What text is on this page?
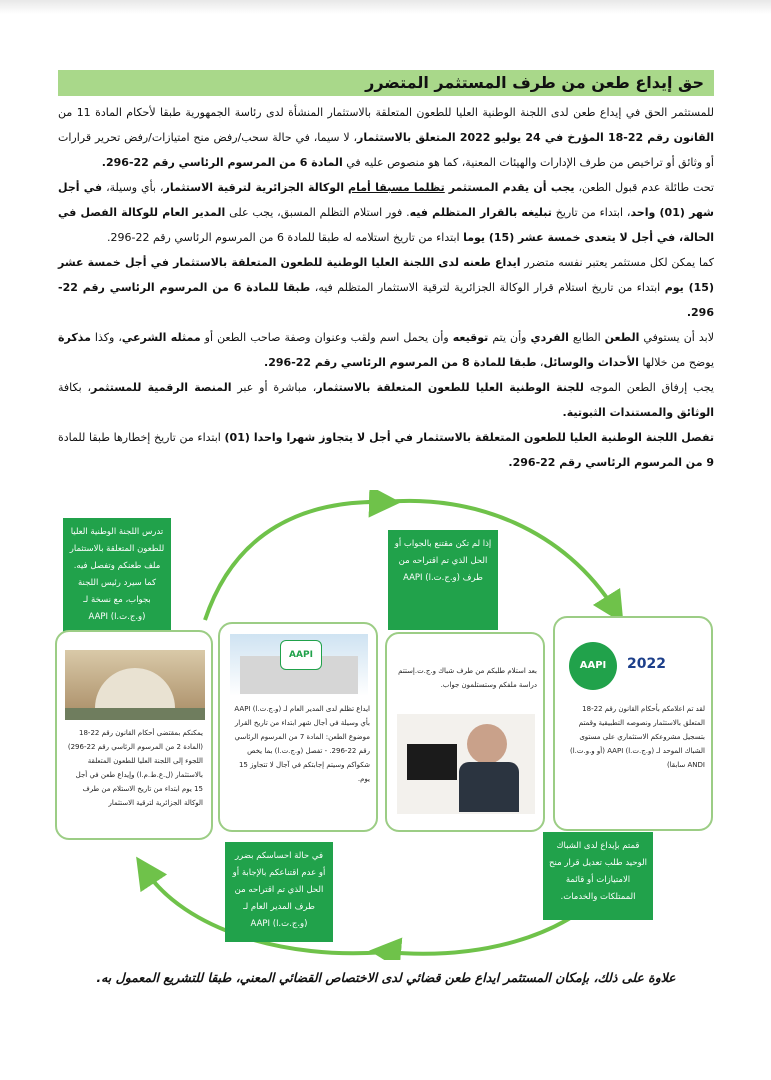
حق إيداع طعن من طرف المستثمر المتضرر

للمستثمر الحق في إيداع طعن لدى اللجنة الوطنية العليا للطعون المتعلقة بالاستثمار المنشأة لدى رئاسة الجمهورية طبقا لأحكام المادة 11 من القانون رقم 22-18 المؤرخ في 24 يوليو 2022 المتعلق بالاستثمار، لا سيما، في حالة سحب/رفض منح امتيازات/رفض تحرير قرارات أو وثائق أو تراخيص من طرف الإدارات والهيئات المعنية، كما هو منصوص عليه في المادة 6 من المرسوم الرئاسي رقم 22-296.

تحت طائلة عدم قبول الطعن، يجب أن يقدم المستثمر تظلما مسبقا أمام الوكالة الجزائرية لترقية الاستثمار، بأي وسيلة، في أجل شهر (01) واحد، ابتداء من تاريخ تبليغه بالقرار المتظلم فيه. فور استلام التظلم المسبق، يجب على المدير العام للوكالة الفصل في الحالة، في أجل لا يتعدى خمسة عشر (15) يوما ابتداء من تاريخ استلامه له طبقا للمادة 6 من المرسوم الرئاسي رقم 22-296.

كما يمكن لكل مستثمر يعتبر نفسه متضرر ايداع طعنه لدى اللجنة العليا الوطنية للطعون المتعلقة بالاستثمار في أجل خمسة عشر (15) يوم ابتداء من تاريخ استلام قرار الوكالة الجزائرية لترقية الاستثمار المتظلم فيه، طبقا للمادة 6 من المرسوم الرئاسي رقم 22-296.

لابد أن يستوفي الطعن الطابع الفردي وأن يتم توقيعه وأن يحمل اسم ولقب وعنوان وصفة صاحب الطعن أو ممثله الشرعي، وكذا مذكرة يوضح من خلالها الأحداث والوسائل، طبقا للمادة 8 من المرسوم الرئاسي رقم 22-296.

يجب إرفاق الطعن الموجه للجنة الوطنية العليا للطعون المتعلقة بالاستثمار، مباشرة أو عبر المنصة الرقمية للمستثمر، بكافة الوثائق والمستندات الثبوتية.

تفصل اللجنة الوطنية العليا للطعون المتعلقة بالاستثمار في أجل لا يتجاوز شهرا واحدا (01) ابتداء من تاريخ إخطارها طبقا للمادة 9 من المرسوم الرئاسي رقم 22-296.

تدرس اللجنة الوطنية العليا للطعون المتعلقة بالاستثمار ملف طعنكم وتفصل فيه. كما سيرد رئيس اللجنة بجواب، مع نسخة لـ (و.ج.ت.ا) AAPI
إذا لم تكن مقتنع بالجواب أو الحل الذي تم اقتراحه من طرف (و.ج.ت.ا) AAPI
في حالة احساسكم بضرر أو عدم اقتناعكم بالإجابة أو الحل الذي تم اقتراحه من طرف المدير العام لـ (و.ج.ت.ا) AAPI
قمتم بإيداع لدى الشباك الوحيد طلب تعديل قرار منح الامتيازات أو قائمة الممتلكات والخدمات.
يمكنكم بمقتضى أحكام القانون رقم 22-18 (المادة 2 من المرسوم الرئاسي رقم 22-296) اللجوء إلى اللجنة العليا للطعون المتعلقة بالاستثمار (ل.ع.ط.م.ا) وإيداع طعن في أجل 15 يوم ابتداء من تاريخ الاستلام من طرف الوكالة الجزائرية لترقية الاستثمار
AAPI
ايداع تظلم لدى المدير العام لـ (و.ج.ت.ا) AAPI بأي وسيلة في أجال شهر ابتداء من تاريخ القرار موضوع الطعن: المادة 7 من المرسوم الرئاسي رقم 22-296. - تفصل (و.ج.ت.ا) بما يخص شكواكم وسيتم إجابتكم في آجال لا تتجاوز 15 يوم.
بعد استلام طلبكم من طرف شباك و.ج.ت.إستتم دراسة ملفكم وستستلمون جواب.
AAPI	2022
لقد تم اعلامكم بأحكام القانون رقم 22-18 المتعلق بالاستثمار ونصوصه التطبيقية وقمتم بتسجيل مشروعكم الاستثماري على مستوى الشباك الموحد لـ (و.ج.ت.ا) AAPI (أو و.و.ت.ا) ANDI سابقا)
علاوة على ذلك، بإمكان المستثمر ايداع طعن قضائي لدى الاختصاص القضائي المعني، طبقا للتشريع المعمول به.
